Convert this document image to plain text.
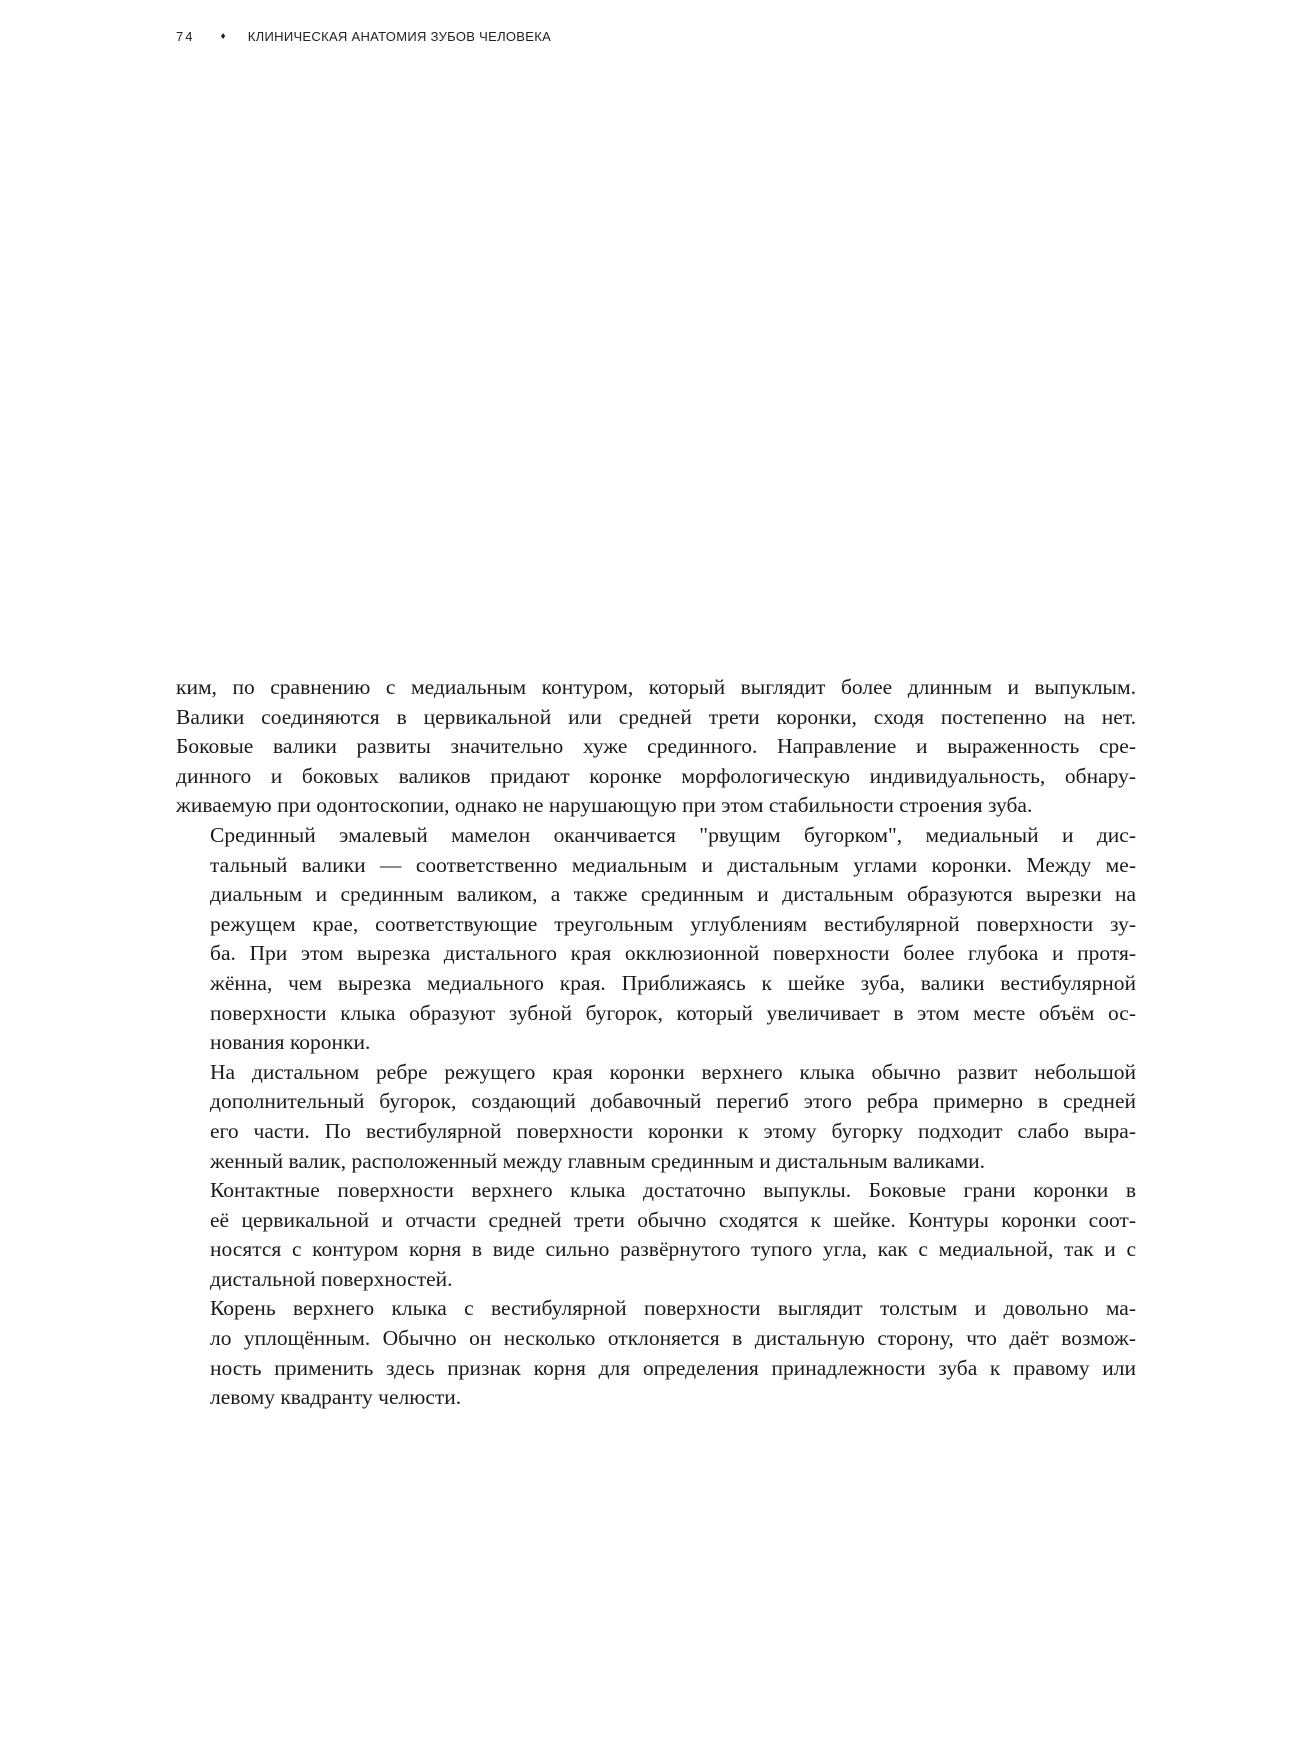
74	♦ КЛИНИЧЕСКАЯ АНАТОМИЯ ЗУБОВ ЧЕЛОВЕКА

ким, по сравнению с медиальным контуром, который выглядит более длинным и выпуклым.
Валики соединяются в цервикальной или средней трети коронки, сходя постепенно на нет.
Боковые валики развиты значительно хуже срединного. Направление и выраженность сре-
динного и боковых валиков придают коронке морфологическую индивидуальность, обнару-
живаемую при одонтоскопии, однако не нарушающую при этом стабильности строения зуба.

Срединный эмалевый мамелон оканчивается "рвущим бугорком", медиальный и дис-
тальный валики — соответственно медиальным и дистальным углами коронки. Между ме-
диальным и срединным валиком, а также срединным и дистальным образуются вырезки на
режущем крае, соответствующие треугольным углублениям вестибулярной поверхности зу-
ба. При этом вырезка дистального края окклюзионной поверхности более глубока и протя-
жённа, чем вырезка медиального края. Приближаясь к шейке зуба, валики вестибулярной
поверхности клыка образуют зубной бугорок, который увеличивает в этом месте объём ос-
нования коронки.

На дистальном ребре режущего края коронки верхнего клыка обычно развит небольшой
дополнительный бугорок, создающий добавочный перегиб этого ребра примерно в средней
его части. По вестибулярной поверхности коронки к этому бугорку подходит слабо выра-
женный валик, расположенный между главным срединным и дистальным валиками.

Контактные поверхности верхнего клыка достаточно выпуклы. Боковые грани коронки в
её цервикальной и отчасти средней трети обычно сходятся к шейке. Контуры коронки соот-
носятся с контуром корня в виде сильно развёрнутого тупого угла, как с медиальной, так и с
дистальной поверхностей.

Корень верхнего клыка с вестибулярной поверхности выглядит толстым и довольно ма-
ло уплощённым. Обычно он несколько отклоняется в дистальную сторону, что даёт возмож-
ность применить здесь признак корня для определения принадлежности зуба к правому или
левому квадранту челюсти.
